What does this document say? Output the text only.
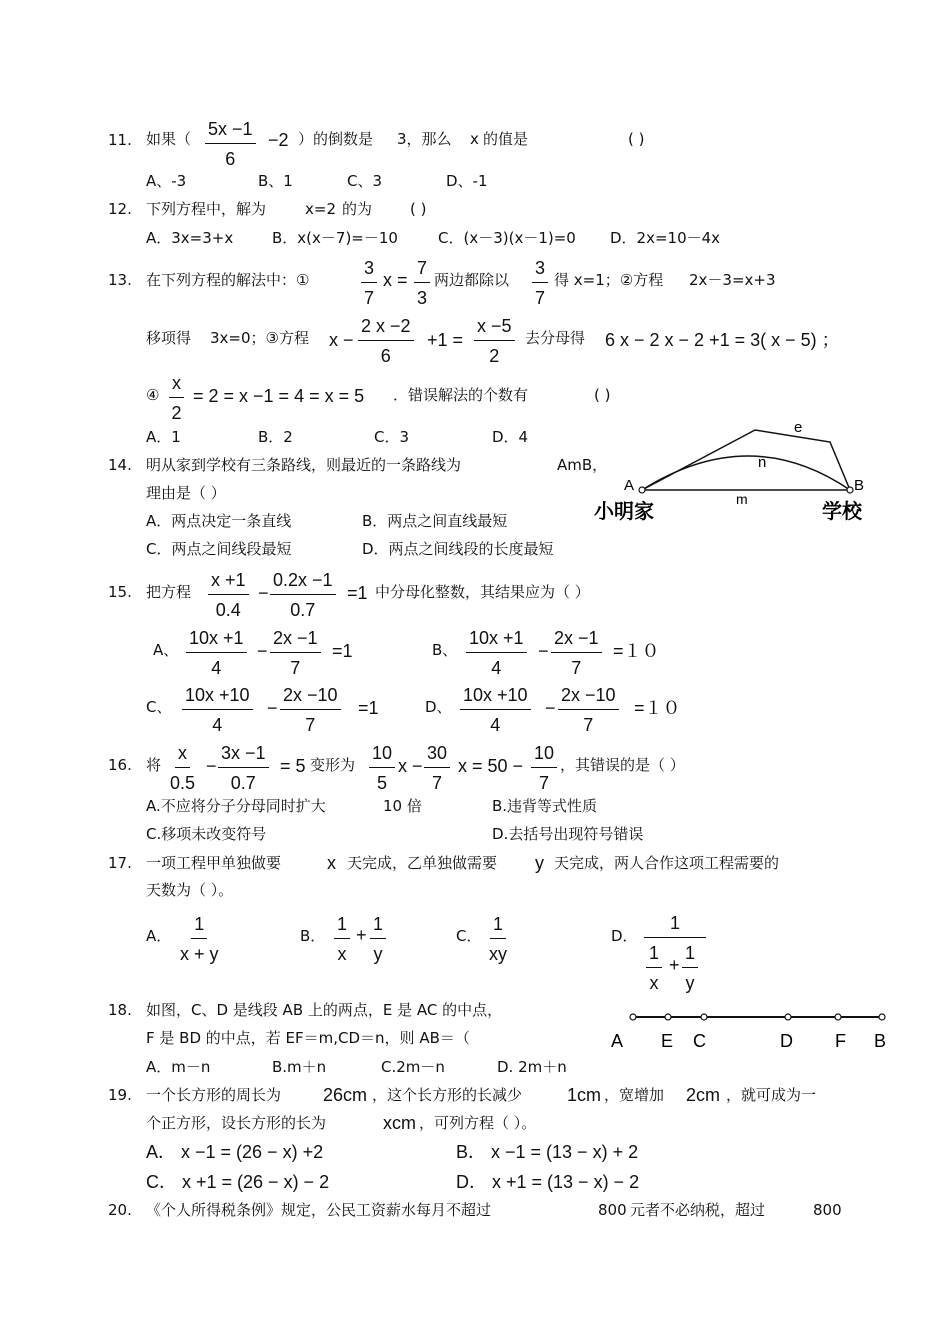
11. 如果（ $\frac{5x -1}{6} -2$ ）的倒数是 3，那么 x 的值是	( )
A、-3	B、1	C、3	D、-1
12. 下列方程中，解为	x=2 的为	( )
A．3x=3+x	B．x(x－7)=－10	C．(x－3)(x－1)=0 D．2x=10－4x
13. 在下列方程的解法中：①	$\frac{3}{7}$ $x = \frac{7}{3}$ 两边都除以 $\frac{3}{7}$ 得 x=1；②方程 2x－3=x+3
移项得 3x=0；③方程 $x - \frac{2 x -2}{6} +1 = \frac{x -5}{2}$ 去分母得 6 x − 2 x − 2 +1 = 3( x − 5) ；
④ $\frac{x}{2} = 2 = x -1 = 4 = x = 5$ ．错误解法的个数有	( )
A．1	B．2	C．3	D．4
14. 明从家到学校有三条路线，则最近的一条路线为	AmB，
理由是（ ）
A．两点决定一条直线	B．两点之间直线最短
C．两点之间线段最短	D．两点之间线段的长度最短
A	B
e
n
m
小明家	学校
15. 把方程 $\frac{x +1}{0.4} - \frac{0.2x -1}{0.7} =1$ 中分母化整数，其结果应为（ ）
A、 $\frac{10x +1}{4} - \frac{2x -1}{7} =1$	B、 $\frac{10x +1}{4} - \frac{2x -1}{7} =10$
C、 $\frac{10x +10}{4} - \frac{2x -10}{7} =1$	D、 $\frac{10x +10}{4} - \frac{2x -10}{7} =10$
16. 将 $\frac{x}{0.5} - \frac{3x -1}{0.7} = 5$ 变形为 $\frac{10}{5}$ $x - \frac{30}{7}$ $x = 50 - \frac{10}{7}$ ，其错误的是（ ）
A.不应将分子分母同时扩大	10 倍	B.违背等式性质
C.移项未改变符号	D.去括号出现符号错误
17. 一项工程甲单独做要	x 天完成，乙单独做需要 y 天完成，两人合作这项工程需要的
天数为（ ）。
A． $\frac{1}{x + y}$	B． $\frac{1}{x} + \frac{1}{y}$	C． $\frac{1}{xy}$	D．
1
$\frac{1}{x} + \frac{1}{y}$
18. 如图，C、D 是线段 AB 上的两点，E 是 AC 的中点，
F 是 BD 的中点，若 EF＝m,CD＝n，则 AB＝（
A．m－n	B.m＋n	C.2m－n	D. 2m＋n
A E C	D F B
19. 一个长方形的周长为 26cm ，这个长方形的长减少 1cm ，宽增加 2cm ，就可成为一
个正方形，设长方形的长为	xcm ，可列方程（ ）。
A． x −1 = (26 − x) +2	B． x −1 = (13 − x) + 2
C． x +1 = (26 − x) − 2	D． x +1 = (13 − x) − 2
20. 《个人所得税条例》规定，公民工资薪水每月不超过	800 元者不必纳税，超过	800
